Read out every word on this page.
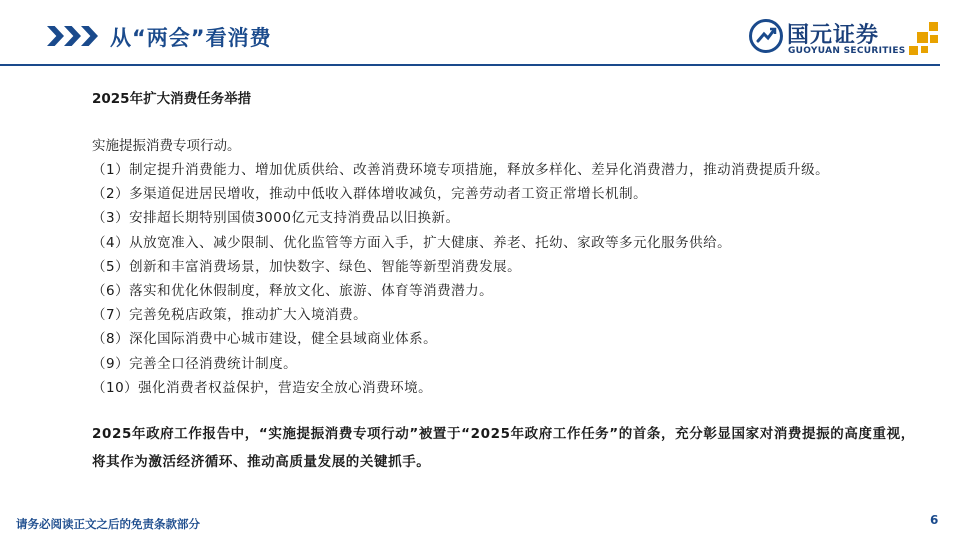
从“两会”看消费	国元证券
GUOYUAN SECURITIES
2025年扩大消费任务举措
实施提振消费专项行动。
（1）制定提升消费能力、增加优质供给、改善消费环境专项措施，释放多样化、差异化消费潜力，推动消费提质升级。
（2）多渠道促进居民增收，推动中低收入群体增收减负，完善劳动者工资正常增长机制。
（3）安排超长期特别国债3000亿元支持消费品以旧换新。
（4）从放宽准入、减少限制、优化监管等方面入手，扩大健康、养老、托幼、家政等多元化服务供给。
（5）创新和丰富消费场景，加快数字、绿色、智能等新型消费发展。
（6）落实和优化休假制度，释放文化、旅游、体育等消费潜力。
（7）完善免税店政策，推动扩大入境消费。
（8）深化国际消费中心城市建设，健全县域商业体系。
（9）完善全口径消费统计制度。
（10）强化消费者权益保护，营造安全放心消费环境。
2025年政府工作报告中，“实施提振消费专项行动”被置于“2025年政府工作任务”的首条，充分彰显国家对消费提振的高度重视，将其作为激活经济循环、推动高质量发展的关键抓手。
请务必阅读正文之后的免责条款部分	6
